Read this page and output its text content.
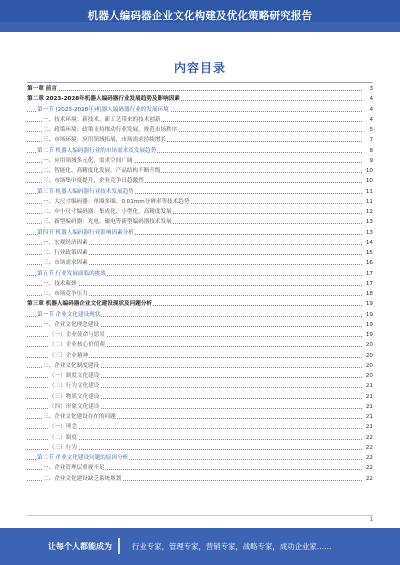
机器人编码器企业文化构建及优化策略研究报告
内容目录
第一章 前言	3
第二章 2023-2028年机器人编码器行业发展趋势及影响因素	4
第一节 (2023-2028年)机器人编码器行业的发展环境	4
一、技术环境：新技术、新工艺带来的技术创新	4
二、政策环境：政策支持推动行业发展，规范市场秩序	5
三、市场环境：应用领域拓展，市场需求持续增长	7
第二节 机器人编码器行业的市场需求及发展趋势	8
一、应用领域多元化，需求空间广阔	9
二、智能化、高精度化发展，产品结构不断升级	10
三、市场集中度提升，企业竞争日趋激烈	10
第三节 机器人编码器行业技术发展趋势	11
一、大尺寸编码器：单圈多圈、0.01mm分辨率等技术趋势	11
二、中小尺寸编码器：集成化、小型化、高精度发展	12
三、新型编码器：光电、磁电等新型编码器技术发展	13
第四节 机器人编码器行业影响因素分析	13
一、宏观经济因素	14
二、行业政策因素	15
三、市场需求因素	16
第五节 行业发展面临的挑战	17
一、技术瓶颈	17
二、市场竞争压力	18
第三章 机器人编码器企业文化建设现状及问题分析	19
第一节 企业文化建设现状	19
一、企业文化理念建设	19
（一）企业使命与愿景	19
（二）企业核心价值观	20
（三）企业精神	20
二、企业文化制度建设	20
（一）制度文化建设	20
（二）行为文化建设	21
（三）物质文化建设	21
（四）形象文化建设	21
三、企业文化建设存在的问题	21
（一）理念	21
（二）制度	22
（三）行为	22
第二节 企业文化建设问题的原因分析	22
一、企业管理层重视不足	22
二、企业文化建设缺乏系统规划	22
1
让每个人都能成为	行业专家，管理专家，营销专家，战略专家，成功企业家……
